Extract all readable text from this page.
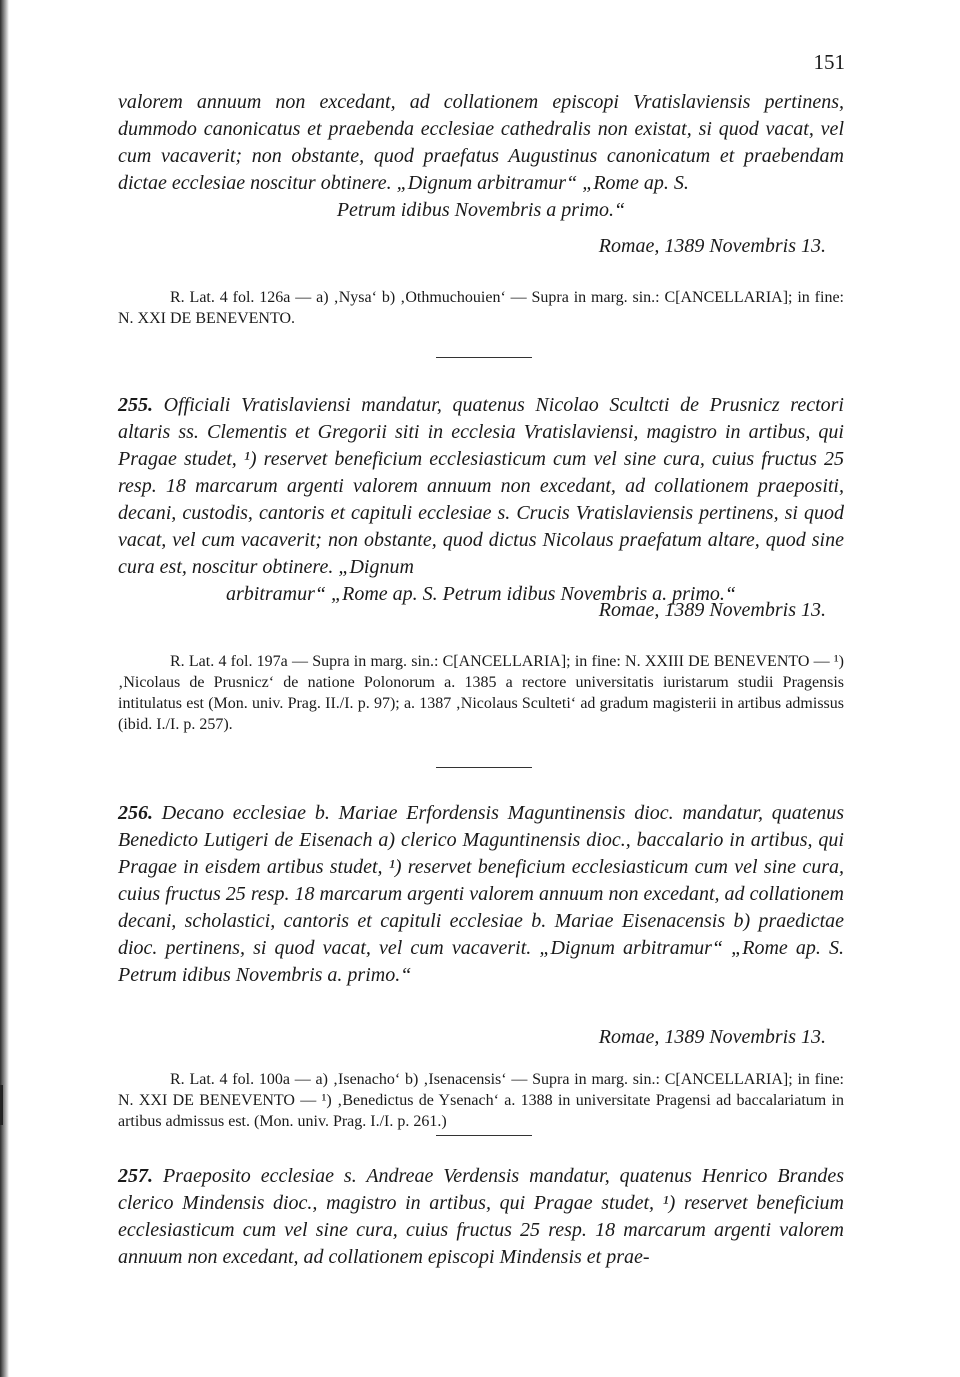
151

valorem annuum non excedant, ad collationem episcopi Vratislaviensis pertinens, dummodo canonicatus et praebenda ecclesiae cathedralis non existat, si quod vacat, vel cum vacaverit; non obstante, quod praefatus Augustinus canonicatum et praebendam dictae ecclesiae noscitur obtinere. „Dignum arbitramur“ „Rome ap. S.

Petrum idibus Novembris a primo.“

Romae, 1389 Novembris 13.

R. Lat. 4 fol. 126a — a) ‚Nysa‘ b) ‚Othmuchouien‘ — Supra in marg. sin.: C[ANCELLARIA]; in fine: N. XXI DE BENEVENTO.

255. Officiali Vratislaviensi mandatur, quatenus Nicolao Scultcti de Prusnicz rectori altaris ss. Clementis et Gregorii siti in ecclesia Vratislaviensi, magistro in artibus, qui Pragae studet, ¹) reservet beneficium ecclesiasticum cum vel sine cura, cuius fructus 25 resp. 18 marcarum argenti valorem annuum non excedant, ad collationem praepositi, decani, custodis, cantoris et capituli ecclesiae s. Crucis Vratislaviensis pertinens, si quod vacat, vel cum vacaverit; non obstante, quod dictus Nicolaus praefatum altare, quod sine cura est, noscitur obtinere. „Dignum

arbitramur“ „Rome ap. S. Petrum idibus Novembris a. primo.“

Romae, 1389 Novembris 13.

R. Lat. 4 fol. 197a — Supra in marg. sin.: C[ANCELLARIA]; in fine: N. XXIII DE BENEVENTO — ¹) ‚Nicolaus de Prusnicz‘ de natione Polonorum a. 1385 a rectore universitatis iuristarum studii Pragensis intitulatus est (Mon. univ. Prag. II./I. p. 97); a. 1387 ‚Nicolaus Sculteti‘ ad gradum magisterii in artibus admissus (ibid. I./I. p. 257).

256. Decano ecclesiae b. Mariae Erfordensis Maguntinensis dioc. mandatur, quatenus Benedicto Lutigeri de Eisenach a) clerico Maguntinensis dioc., baccalario in artibus, qui Pragae in eisdem artibus studet, ¹) reservet beneficium ecclesiasticum cum vel sine cura, cuius fructus 25 resp. 18 marcarum argenti valorem annuum non excedant, ad collationem decani, scholastici, cantoris et capituli ecclesiae b. Mariae Eisenacensis b) praedictae dioc. pertinens, si quod vacat, vel cum vacaverit. „Dignum arbitramur“ „Rome ap. S. Petrum idibus Novembris a. primo.“

Romae, 1389 Novembris 13.

R. Lat. 4 fol. 100a — a) ‚Isenacho‘ b) ‚Isenacensis‘ — Supra in marg. sin.: C[ANCELLARIA]; in fine: N. XXI DE BENEVENTO — ¹) ‚Benedictus de Ysenach‘ a. 1388 in universitate Pragensi ad baccalariatum in artibus admissus est. (Mon. univ. Prag. I./I. p. 261.)

257. Praeposito ecclesiae s. Andreae Verdensis mandatur, quatenus Henrico Brandes clerico Mindensis dioc., magistro in artibus, qui Pragae studet, ¹) reservet beneficium ecclesiasticum cum vel sine cura, cuius fructus 25 resp. 18 marcarum argenti valorem annuum non excedant, ad collationem episcopi Mindensis et prae-
